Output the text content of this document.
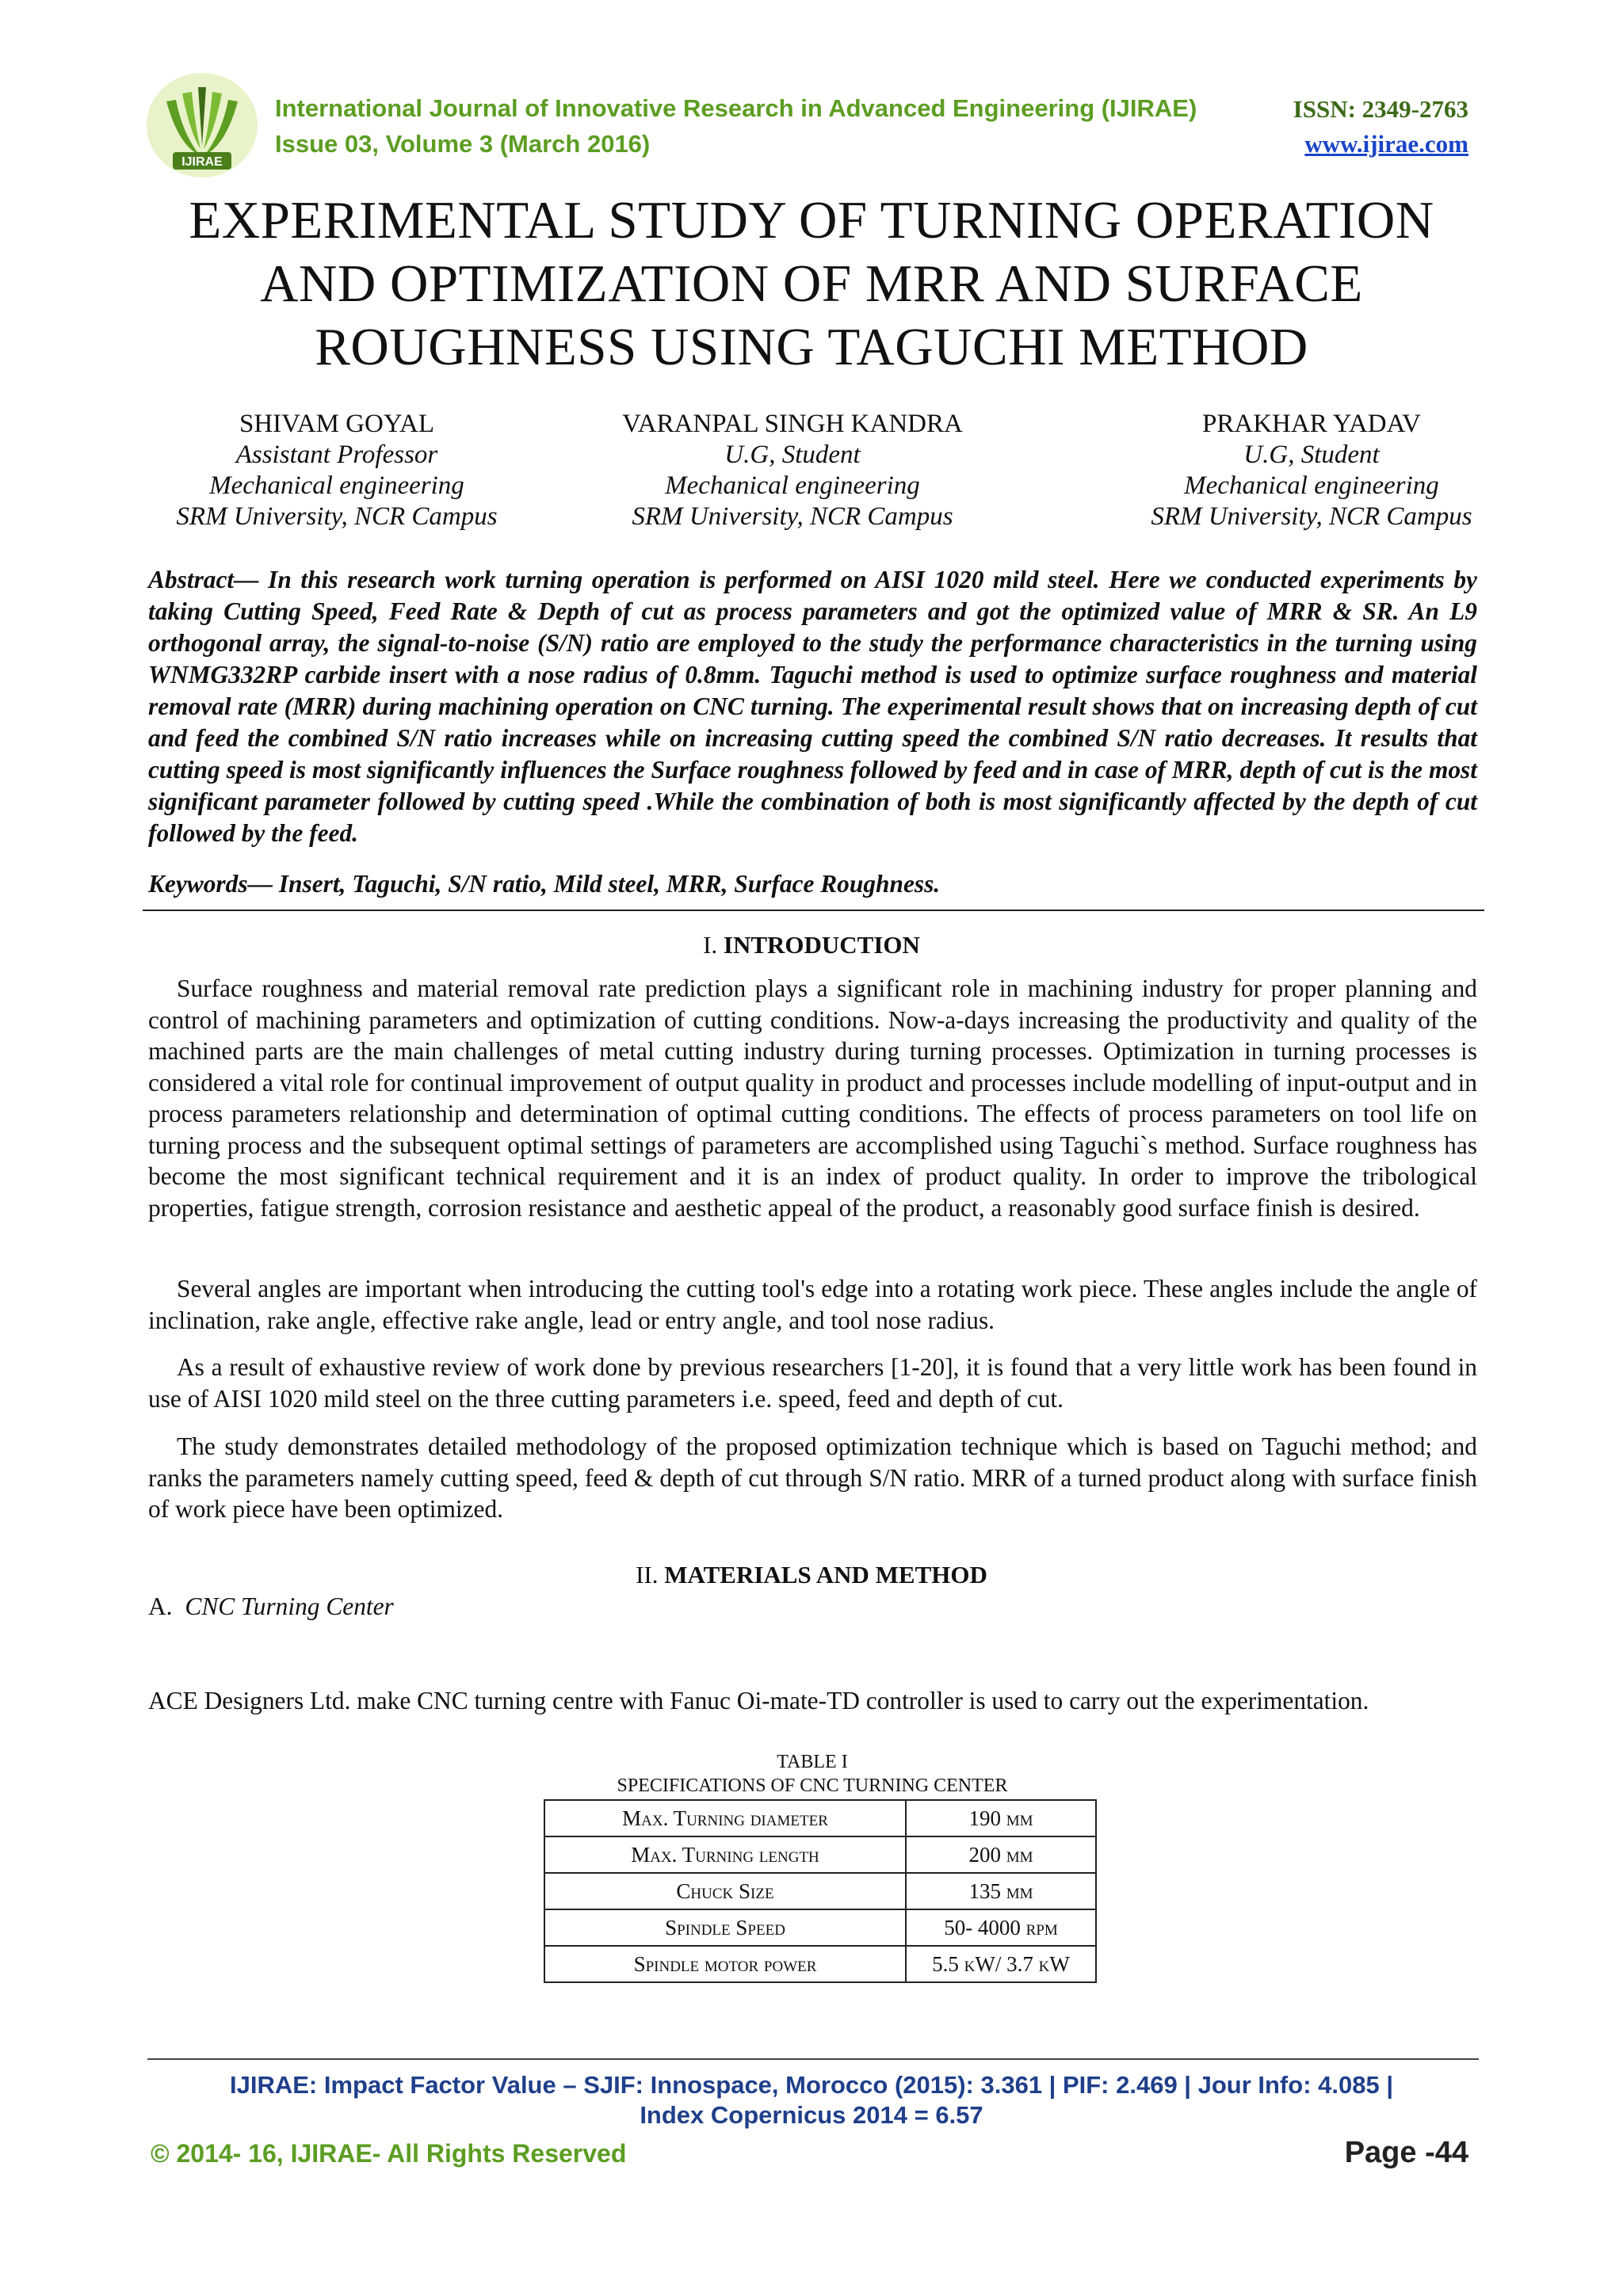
IJIRAE
International Journal of Innovative Research in Advanced Engineering (IJIRAE)
Issue 03, Volume 3 (March 2016)
ISSN: 2349-2763
www.ijirae.com
EXPERIMENTAL STUDY OF TURNING OPERATION
AND OPTIMIZATION OF MRR AND SURFACE
ROUGHNESS USING TAGUCHI METHOD
SHIVAM GOYAL
Assistant Professor
Mechanical engineering
SRM University, NCR Campus
VARANPAL SINGH KANDRA
U.G, Student
Mechanical engineering
SRM University, NCR Campus
PRAKHAR YADAV
U.G, Student
Mechanical engineering
SRM University, NCR Campus
Abstract— In this research work turning operation is performed on AISI 1020 mild steel. Here we conducted experiments by taking Cutting Speed, Feed Rate & Depth of cut as process parameters and got the optimized value of MRR & SR. An L9 orthogonal array, the signal-to-noise (S/N) ratio are employed to the study the performance characteristics in the turning using WNMG332RP carbide insert with a nose radius of 0.8mm. Taguchi method is used to optimize surface roughness and material removal rate (MRR) during machining operation on CNC turning. The experimental result shows that on increasing depth of cut and feed the combined S/N ratio increases while on increasing cutting speed the combined S/N ratio decreases. It results that cutting speed is most significantly influences the Surface roughness followed by feed and in case of MRR, depth of cut is the most significant parameter followed by cutting speed .While the combination of both is most significantly affected by the depth of cut followed by the feed.
Keywords— Insert, Taguchi, S/N ratio, Mild steel, MRR, Surface Roughness.
I. INTRODUCTION
Surface roughness and material removal rate prediction plays a significant role in machining industry for proper planning and control of machining parameters and optimization of cutting conditions. Now-a-days increasing the productivity and quality of the machined parts are the main challenges of metal cutting industry during turning processes. Optimization in turning processes is considered a vital role for continual improvement of output quality in product and processes include modelling of input-output and in process parameters relationship and determination of optimal cutting conditions. The effects of process parameters on tool life on turning process and the subsequent optimal settings of parameters are accomplished using Taguchi`s method. Surface roughness has become the most significant technical requirement and it is an index of product quality. In order to improve the tribological properties, fatigue strength, corrosion resistance and aesthetic appeal of the product, a reasonably good surface finish is desired.
Several angles are important when introducing the cutting tool's edge into a rotating work piece. These angles include the angle of inclination, rake angle, effective rake angle, lead or entry angle, and tool nose radius.
As a result of exhaustive review of work done by previous researchers [1-20], it is found that a very little work has been found in use of AISI 1020 mild steel on the three cutting parameters i.e. speed, feed and depth of cut.
The study demonstrates detailed methodology of the proposed optimization technique which is based on Taguchi method; and ranks the parameters namely cutting speed, feed & depth of cut through S/N ratio. MRR of a turned product along with surface finish of work piece have been optimized.
II. MATERIALS AND METHOD
A. CNC Turning Center
ACE Designers Ltd. make CNC turning centre with Fanuc Oi-mate-TD controller is used to carry out the experimentation.
TABLE I
SPECIFICATIONS OF CNC TURNING CENTER
Max. Turning diameter	190 mm
Max. Turning length	200 mm
Chuck Size	135 mm
Spindle Speed	50- 4000 rpm
Spindle motor power	5.5 kW/ 3.7 kW
IJIRAE: Impact Factor Value – SJIF: Innospace, Morocco (2015): 3.361 | PIF: 2.469 | Jour Info: 4.085 |
Index Copernicus 2014 = 6.57
© 2014- 16, IJIRAE- All Rights Reserved	Page -44
